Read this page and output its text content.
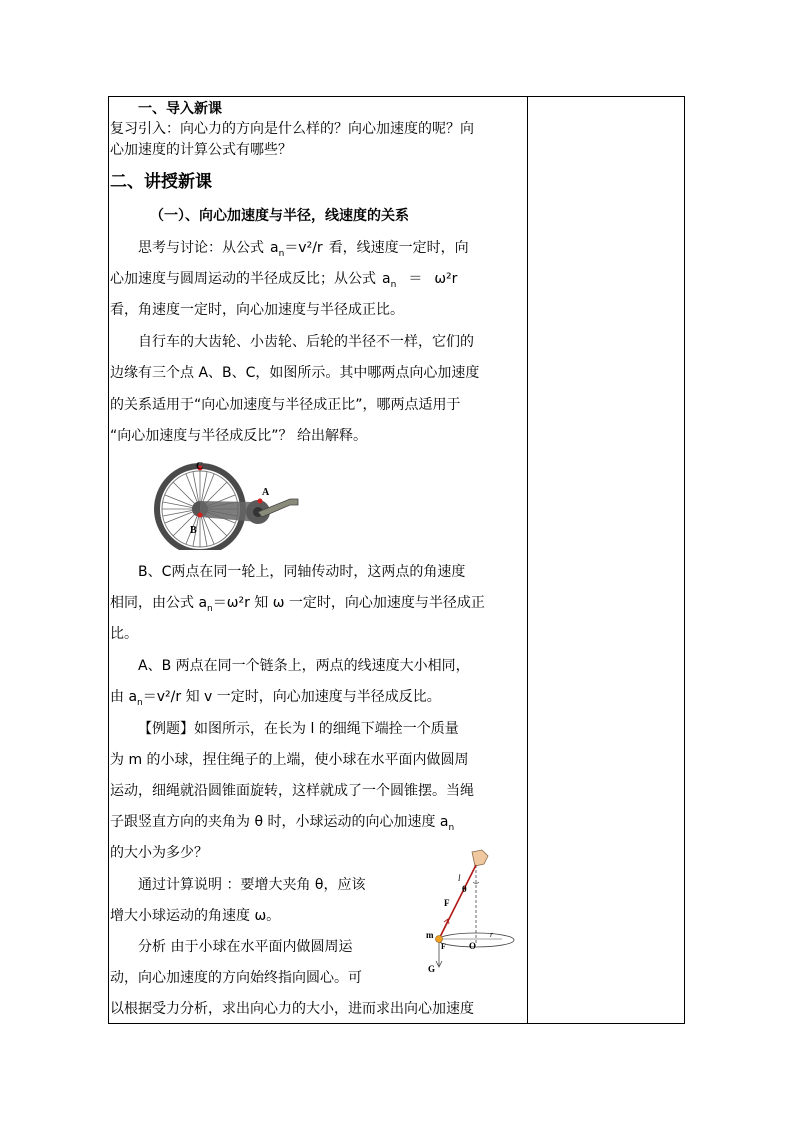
一、导入新课
复习引入：向心力的方向是什么样的？向心加速度的呢？向
心加速度的计算公式有哪些？
二、讲授新课
（一）、向心加速度与半径，线速度的关系
思考与讨论：从公式 $a_n=v^2/r$ 看，线速度一定时，向
心加速度与圆周运动的半径成反比；从公式 $a_n = \omega^2r$
看，角速度一定时，向心加速度与半径成正比。
自行车的大齿轮、小齿轮、后轮的半径不一样，它们的
边缘有三个点 A、B、C，如图所示。其中哪两点向心加速度
的关系适用于“向心加速度与半径成正比”，哪两点适用于
“向心加速度与半径成反比”？ 给出解释。
C
A
B
B、C两点在同一轮上，同轴传动时，这两点的角速度
相同，由公式 $a_n=\omega^2r$ 知 ω 一定时，向心加速度与半径成正
比。
A、B 两点在同一个链条上，两点的线速度大小相同，
由 $a_n=v^2/r$ 知 v 一定时，向心加速度与半径成反比。
【例题】如图所示，在长为 l 的细绳下端拴一个质量
为 m 的小球，捏住绳子的上端，使小球在水平面内做圆周
运动，细绳就沿圆锥面旋转，这样就成了一个圆锥摆。当绳
子跟竖直方向的夹角为 θ 时，小球运动的向心加速度 $a_n$
的大小为多少？
通过计算说明 ：要增大夹角 θ，应该
增大小球运动的角速度 ω。
分析 由于小球在水平面内做圆周运
动，向心加速度的方向始终指向圆心。可
以根据受力分析，求出向心力的大小，进而求出向心加速度
l
θ
F
m
F	O
r
G
